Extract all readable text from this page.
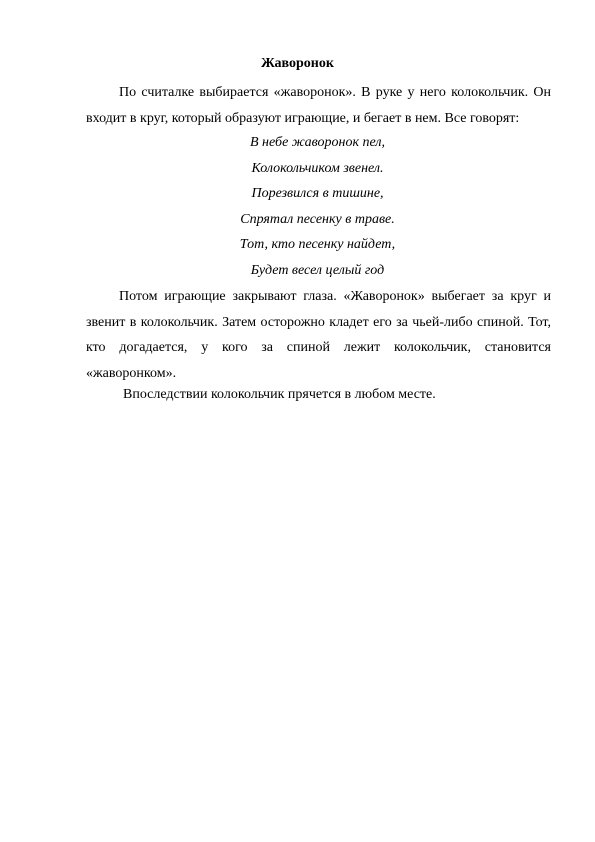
Жаворонок
По считалке выбирается «жаворонок». В руке у него колокольчик. Он
входит в круг, который образуют играющие, и бегает в нем. Все говорят:
В небе жаворонок пел,
Колокольчиком звенел.
Порезвился в тишине,
Спрятал песенку в траве.
Тот, кто песенку найдет,
Будет весел целый год
Потом играющие закрывают глаза. «Жаворонок» выбегает за круг и
звенит в колокольчик. Затем осторожно кладет его за чьей-либо спиной. Тот,
кто догадается, у кого за спиной лежит колокольчик, становится
«жаворонком».
Впоследствии колокольчик прячется в любом месте.
